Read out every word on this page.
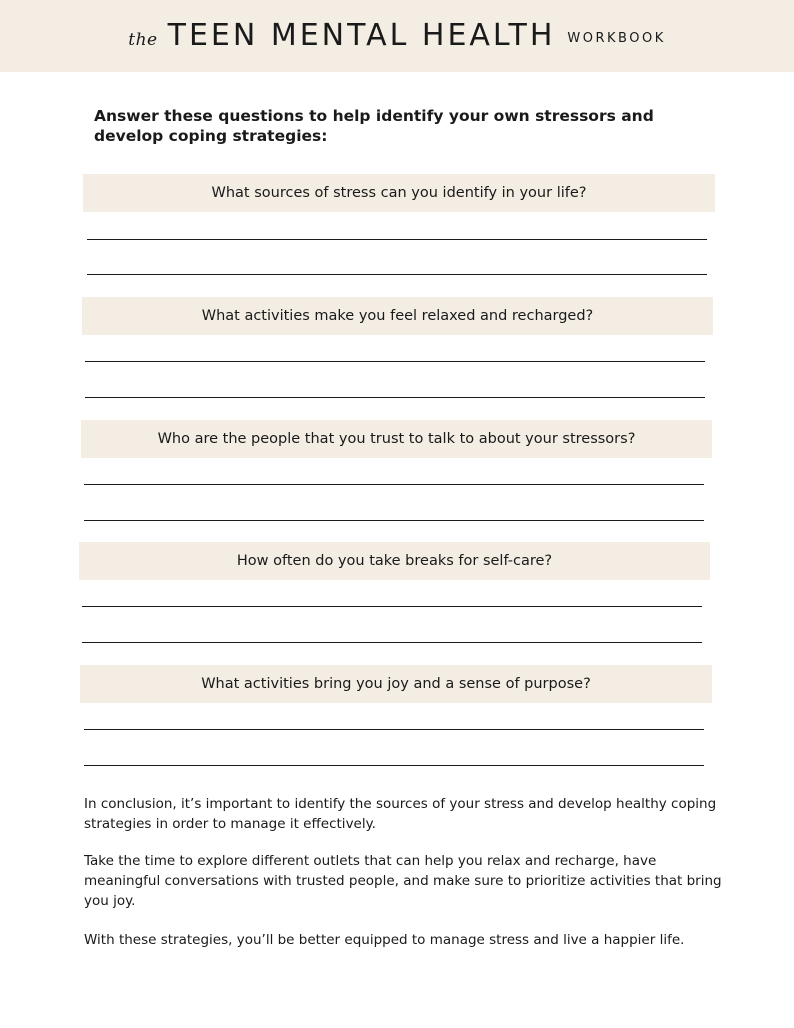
the TEEN MENTAL HEALTH WORKBOOK
Answer these questions to help identify your own stressors and develop coping strategies:
What sources of stress can you identify in your life?
What activities make you feel relaxed and recharged?
Who are the people that you trust to talk to about your stressors?
How often do you take breaks for self-care?
What activities bring you joy and a sense of purpose?

In conclusion, it’s important to identify the sources of your stress and develop healthy coping strategies in order to manage it effectively.

Take the time to explore different outlets that can help you relax and recharge, have meaningful conversations with trusted people, and make sure to prioritize activities that bring you joy.

With these strategies, you’ll be better equipped to manage stress and live a happier life.
